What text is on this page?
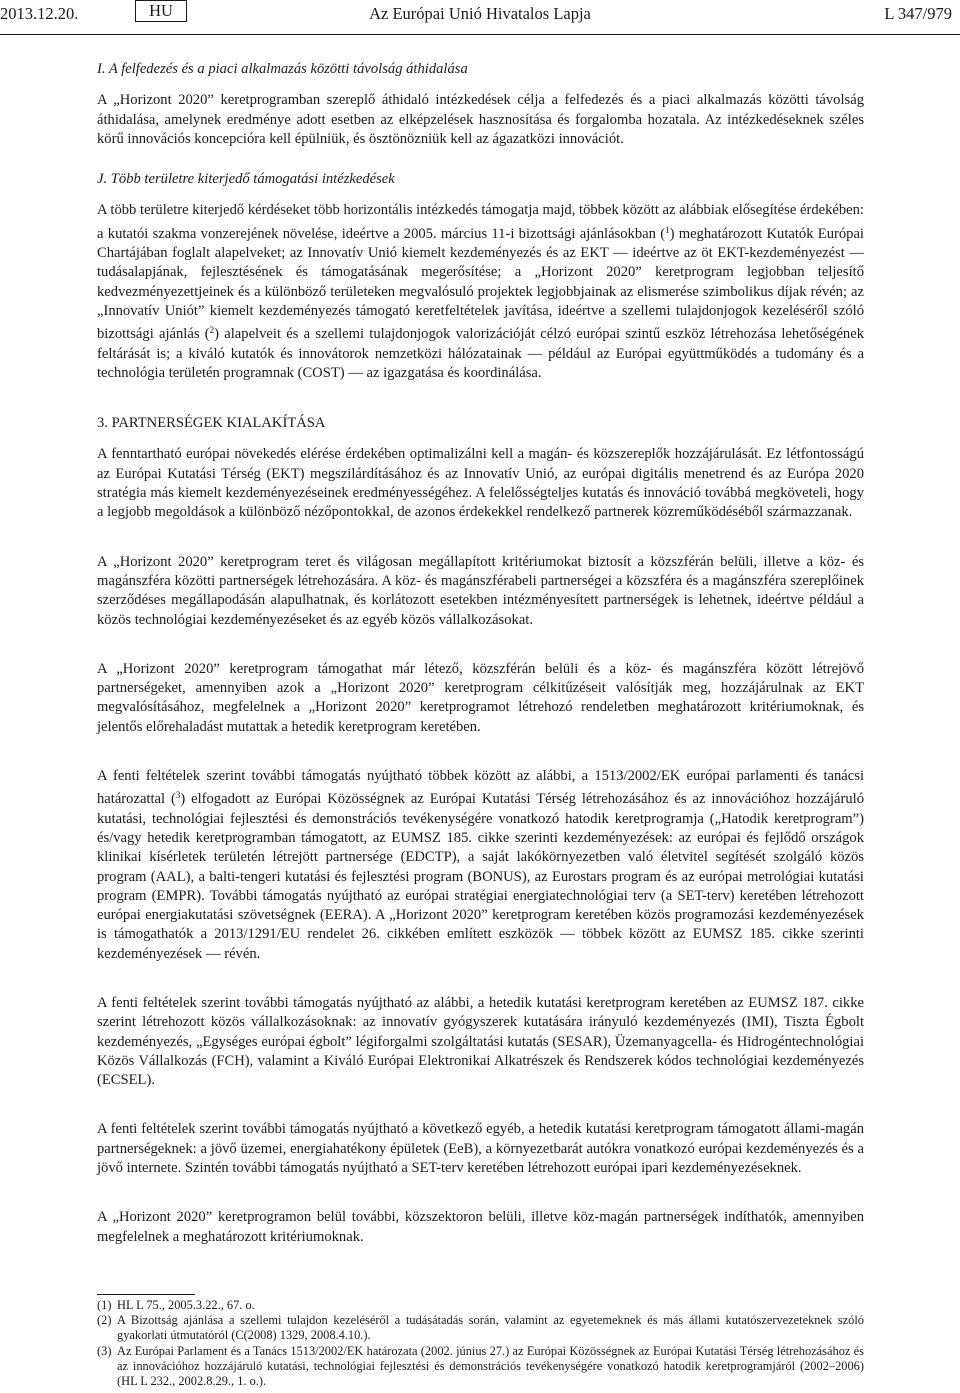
2013.12.20.	HU	Az Európai Unió Hivatalos Lapja	L 347/979

I. A felfedezés és a piaci alkalmazás közötti távolság áthidalása

A „Horizont 2020” keretprogramban szereplő áthidaló intézkedések célja a felfedezés és a piaci alkalmazás közötti távolság áthidalása, amelynek eredménye adott esetben az elképzelések hasznosítása és forgalomba hozatala. Az intézkedéseknek széles körű innovációs koncepcióra kell épülniük, és ösztönözniük kell az ágazatközi innovációt.

J. Több területre kiterjedő támogatási intézkedések

A több területre kiterjedő kérdéseket több horizontális intézkedés támogatja majd, többek között az alábbiak elősegítése érdekében: a kutatói szakma vonzerejének növelése, ideértve a 2005. március 11-i bizottsági ajánlásokban ($^1$) meghatározott Kutatók Európai Chartájában foglalt alapelveket; az Innovatív Unió kiemelt kezdeményezés és az EKT — ideértve az öt EKT-kezdeményezést — tudásalapjának, fejlesztésének és támogatásának megerősítése; a „Horizont 2020” keretprogram legjobban teljesítő kedvezményezettjeinek és a különböző területeken megvalósuló projektek legjobbjainak az elismerése szimbolikus díjak révén; az „Innovatív Uniót” kiemelt kezdeményezés támogató keretfeltételek javítása, ideértve a szellemi tulajdonjogok kezeléséről szóló bizottsági ajánlás ($^2$) alapelveit és a szellemi tulajdonjogok valorizációját célzó európai szintű eszköz létrehozása lehetőségének feltárását is; a kiváló kutatók és innovátorok nemzetközi hálózatainak — például az Európai együttműködés a tudomány és a technológia területén programnak (COST) — az igazgatása és koordinálása.

3. PARTNERSÉGEK KIALAKÍTÁSA

A fenntartható európai növekedés elérése érdekében optimalizálni kell a magán- és közszereplők hozzájárulását. Ez létfontosságú az Európai Kutatási Térség (EKT) megszilárdításához és az Innovatív Unió, az európai digitális menetrend és az Európa 2020 stratégia más kiemelt kezdeményezéseinek eredményességéhez. A felelősségteljes kutatás és innováció továbbá megköveteli, hogy a legjobb megoldások a különböző nézőpontokkal, de azonos érdekekkel rendelkező partnerek közreműködéséből származzanak.

A „Horizont 2020” keretprogram teret és világosan megállapított kritériumokat biztosít a közszférán belüli, illetve a köz- és magánszféra közötti partnerségek létrehozására. A köz- és magánszférabeli partnerségei a közszféra és a magánszféra szereplőinek szerződéses megállapodásán alapulhatnak, és korlátozott esetekben intézményesített partnerségek is lehetnek, ideértve például a közös technológiai kezdeményezéseket és az egyéb közös vállalkozásokat.

A „Horizont 2020” keretprogram támogathat már létező, közszférán belüli és a köz- és magánszféra között létrejövő partnerségeket, amennyiben azok a „Horizont 2020” keretprogram célkitűzéseit valósítják meg, hozzájárulnak az EKT megvalósításához, megfelelnek a „Horizont 2020” keretprogramot létrehozó rendeletben meghatározott kritériumoknak, és jelentős előrehaladást mutattak a hetedik keretprogram keretében.

A fenti feltételek szerint további támogatás nyújtható többek között az alábbi, a 1513/2002/EK európai parlamenti és tanácsi határozattal ($^3$) elfogadott az Európai Közösségnek az Európai Kutatási Térség létrehozásához és az innovációhoz hozzájáruló kutatási, technológiai fejlesztési és demonstrációs tevékenységére vonatkozó hatodik keretprogramja („Hatodik keretprogram”) és/vagy hetedik keretprogramban támogatott, az EUMSZ 185. cikke szerinti kezdeményezések: az európai és fejlődő országok klinikai kísérletek területén létrejött partnersége (EDCTP), a saját lakókörnyezetben való életvitel segítését szolgáló közös program (AAL), a balti-tengeri kutatási és fejlesztési program (BONUS), az Eurostars program és az európai metrológiai kutatási program (EMPR). További támogatás nyújtható az európai stratégiai energiatechnológiai terv (a SET-terv) keretében létrehozott európai energiakutatási szövetségnek (EERA). A „Horizont 2020” keretprogram keretében közös programozási kezdeményezések is támogathatók a 2013/1291/EU rendelet 26. cikkében említett eszközök — többek között az EUMSZ 185. cikke szerinti kezdeményezések — révén.

A fenti feltételek szerint további támogatás nyújtható az alábbi, a hetedik kutatási keretprogram keretében az EUMSZ 187. cikke szerint létrehozott közös vállalkozásoknak: az innovatív gyógyszerek kutatására irányuló kezdeményezés (IMI), Tiszta Égbolt kezdeményezés, „Egységes európai égbolt” légiforgalmi szolgáltatási kutatás (SESAR), Üzemanyagcella- és Hidrogéntechnológiai Közös Vállalkozás (FCH), valamint a Kiváló Európai Elektronikai Alkatrészek és Rendszerek kódos technológiai kezdeményezés (ECSEL).

A fenti feltételek szerint további támogatás nyújtható a következő egyéb, a hetedik kutatási keretprogram támogatott állami-magán partnerségeknek: a jövő üzemei, energiahatékony épületek (EeB), a környezetbarát autókra vonatkozó európai kezdeményezés és a jövő internete. Szintén további támogatás nyújtható a SET-terv keretében létrehozott európai ipari kezdeményezéseknek.

A „Horizont 2020” keretprogramon belül további, közszektoron belüli, illetve köz-magán partnerségek indíthatók, amennyiben megfelelnek a meghatározott kritériumoknak.

(1) HL L 75., 2005.3.22., 67. o.

(2) A Bizottság ajánlása a szellemi tulajdon kezeléséről a tudásátadás során, valamint az egyetemeknek és más állami kutatószervezeteknek szóló gyakorlati útmutatóról (C(2008) 1329, 2008.4.10.).

(3) Az Európai Parlament és a Tanács 1513/2002/EK határozata (2002. június 27.) az Európai Közösségnek az Európai Kutatási Térség létrehozásához és az innovációhoz hozzájáruló kutatási, technológiai fejlesztési és demonstrációs tevékenységére vonatkozó hatodik keretprogramjáról (2002–2006) (HL L 232., 2002.8.29., 1. o.).
